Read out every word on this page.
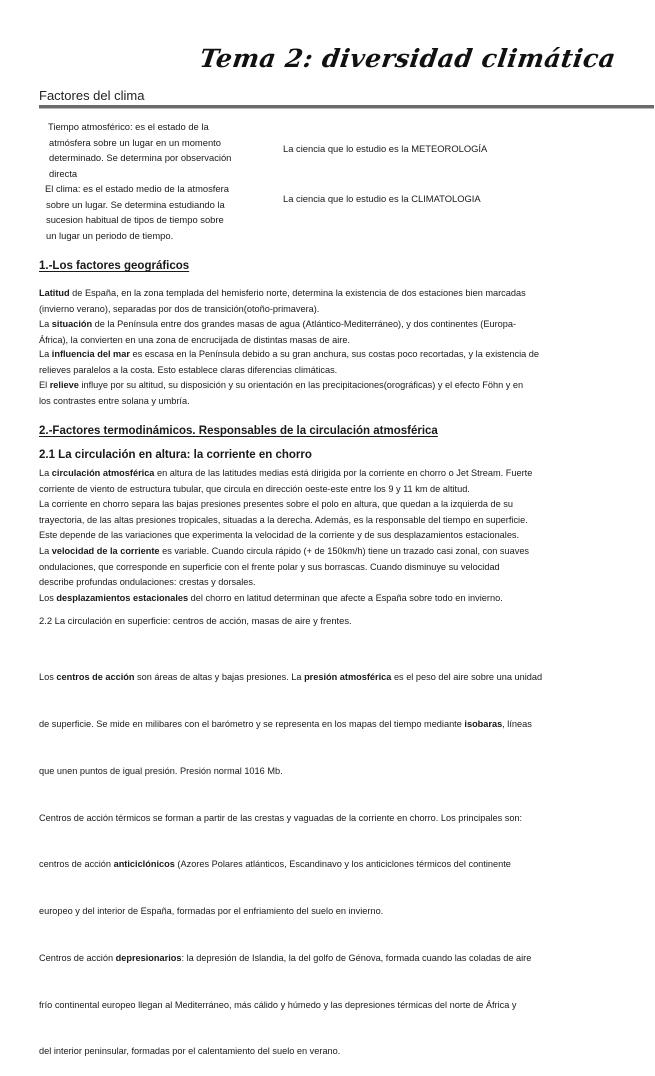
Tema 2: diversidad climática
Factores del clima
Tiempo atmosférico: es el estado de la
atmósfera sobre un lugar en un momento
determinado. Se determina por observación
directa
La ciencia que lo estudio es la METEOROLOGÍA
El clima: es el estado medio de la atmosfera
sobre un lugar. Se determina estudiando la
sucesion habitual de tipos de tiempo sobre
un lugar un periodo de tiempo.
La ciencia que lo estudio es la CLIMATOLOGIA
1.-Los factores geográficos
Latitud de España, en la zona templada del hemisferio norte, determina la existencia de dos estaciones bien marcadas
(invierno verano), separadas por dos de transición(otoño-primavera).
La situación de la Península entre dos grandes masas de agua (Atlántico-Mediterráneo), y dos continentes (Europa-
África), la convierten en una zona de encrucijada de distintas masas de aire.
La influencia del mar es escasa en la Península debido a su gran anchura, sus costas poco recortadas, y la existencia de
relieves paralelos a la costa. Esto establece claras diferencias climáticas.
El relieve influye por su altitud, su disposición y su orientación en las precipitaciones(orográficas) y el efecto Föhn y en
los contrastes entre solana y umbría.
2.-Factores termodinámicos. Responsables de la circulación atmosférica
2.1 La circulación en altura: la corriente en chorro
La circulación atmosférica en altura de las latitudes medias está dirigida por la corriente en chorro o Jet Stream. Fuerte
corriente de viento de estructura tubular, que circula en dirección oeste-este entre los 9 y 11 km de altitud.
La corriente en chorro separa las bajas presiones presentes sobre el polo en altura, que quedan a la izquierda de su
trayectoria, de las altas presiones tropicales, situadas a la derecha. Además, es la responsable del tiempo en superficie.
Este depende de las variaciones que experimenta la velocidad de la corriente y de sus desplazamientos estacionales.
La velocidad de la corriente es variable. Cuando circula rápido (+ de 150km/h) tiene un trazado casi zonal, con suaves
ondulaciones, que corresponde en superficie con el frente polar y sus borrascas. Cuando disminuye su velocidad
describe profundas ondulaciones: crestas y dorsales.
Los desplazamientos estacionales del chorro en latitud determinan que afecte a España sobre todo en invierno.
2.2 La circulación en superficie: centros de acción, masas de aire y frentes.

Los centros de acción son áreas de altas y bajas presiones. La presión atmosférica es el peso del aire sobre una unidad

de superficie. Se mide en milibares con el barómetro y se representa en los mapas del tiempo mediante isobaras, líneas

que unen puntos de igual presión. Presión normal 1016 Mb.

Centros de acción térmicos se forman a partir de las crestas y vaguadas de la corriente en chorro. Los principales son:

centros de acción anticiclónicos (Azores Polares atlánticos, Escandinavo y los anticiclones térmicos del continente

europeo y del interior de España, formadas por el enfriamiento del suelo en invierno.

Centros de acción depresionarios: la depresión de Islandia, la del golfo de Génova, formada cuando las coladas de aire

frío continental europeo llegan al Mediterráneo, más cálido y húmedo y las depresiones térmicas del norte de África y

del interior peninsular, formadas por el calentamiento del suelo en verano.
